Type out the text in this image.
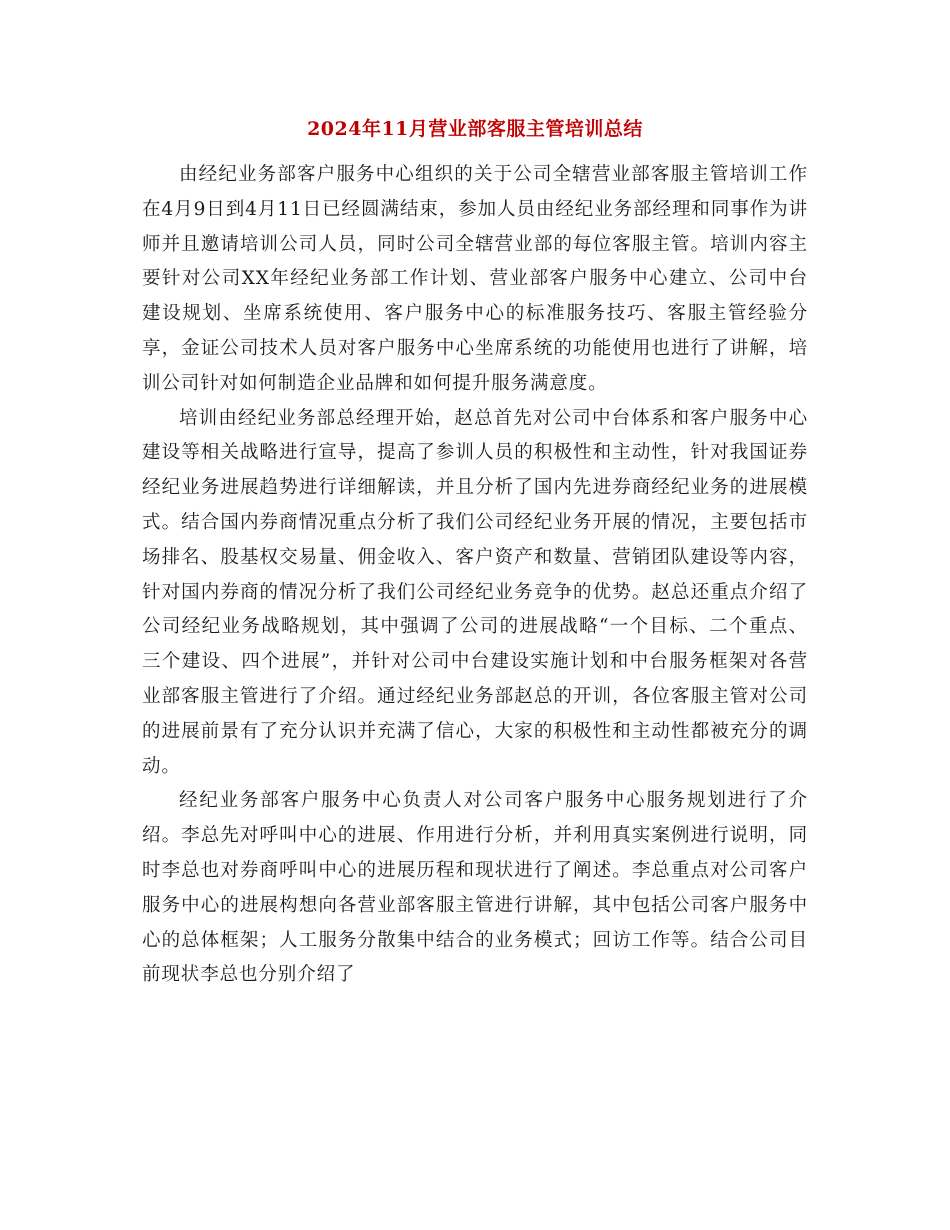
2024年11月营业部客服主管培训总结

由经纪业务部客户服务中心组织的关于公司全辖营业部客服主管培训工作在4月9日到4月11日已经圆满结束，参加人员由经纪业务部经理和同事作为讲师并且邀请培训公司人员，同时公司全辖营业部的每位客服主管。培训内容主要针对公司XX年经纪业务部工作计划、营业部客户服务中心建立、公司中台建设规划、坐席系统使用、客户服务中心的标准服务技巧、客服主管经验分享，金证公司技术人员对客户服务中心坐席系统的功能使用也进行了讲解，培训公司针对如何制造企业品牌和如何提升服务满意度。

培训由经纪业务部总经理开始，赵总首先对公司中台体系和客户服务中心建设等相关战略进行宣导，提高了参训人员的积极性和主动性，针对我国证券经纪业务进展趋势进行详细解读，并且分析了国内先进券商经纪业务的进展模式。结合国内券商情况重点分析了我们公司经纪业务开展的情况，主要包括市场排名、股基权交易量、佣金收入、客户资产和数量、营销团队建设等内容，针对国内券商的情况分析了我们公司经纪业务竞争的优势。赵总还重点介绍了公司经纪业务战略规划，其中强调了公司的进展战略“一个目标、二个重点、三个建设、四个进展”，并针对公司中台建设实施计划和中台服务框架对各营业部客服主管进行了介绍。通过经纪业务部赵总的开训，各位客服主管对公司的进展前景有了充分认识并充满了信心，大家的积极性和主动性都被充分的调动。

经纪业务部客户服务中心负责人对公司客户服务中心服务规划进行了介绍。李总先对呼叫中心的进展、作用进行分析，并利用真实案例进行说明，同时李总也对券商呼叫中心的进展历程和现状进行了阐述。李总重点对公司客户服务中心的进展构想向各营业部客服主管进行讲解，其中包括公司客户服务中心的总体框架；人工服务分散集中结合的业务模式；回访工作等。结合公司目前现状李总也分别介绍了
